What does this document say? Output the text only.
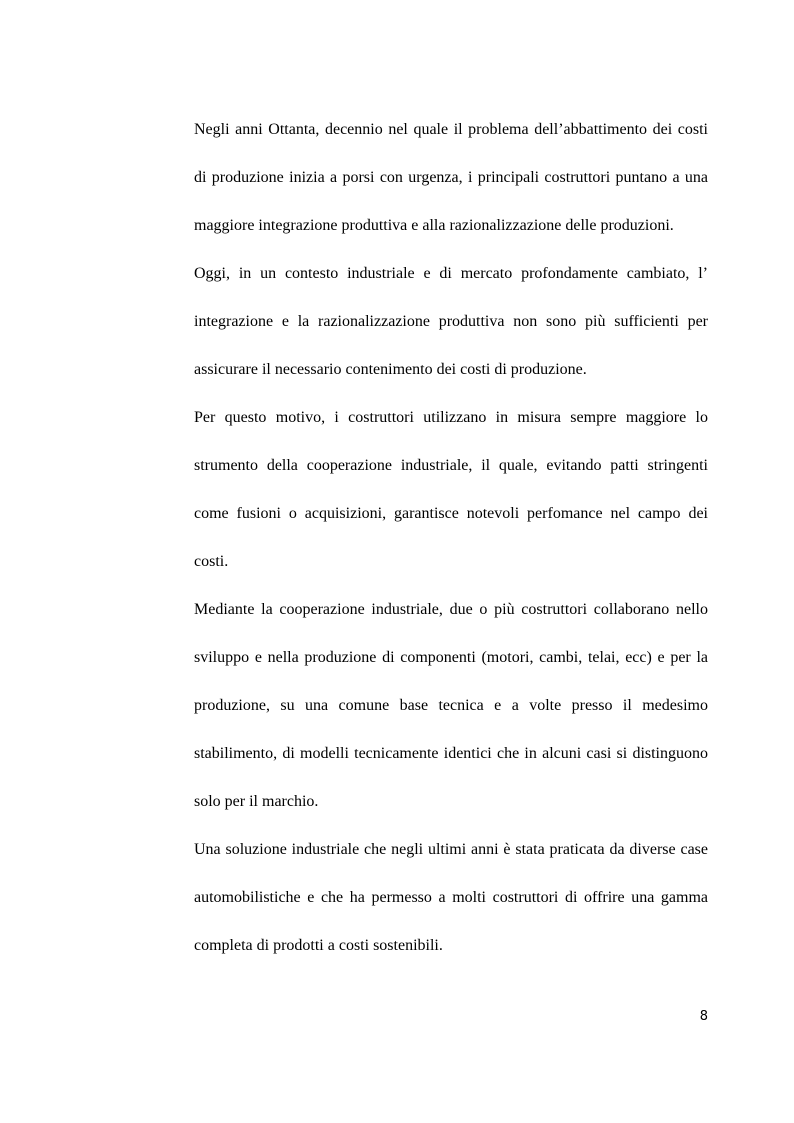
Negli anni Ottanta, decennio nel quale il problema dell’abbattimento dei costi di produzione inizia a porsi con urgenza, i principali costruttori puntano a una maggiore integrazione produttiva e alla razionalizzazione delle produzioni.

Oggi, in un contesto industriale e di mercato profondamente cambiato, l’ integrazione e la razionalizzazione produttiva non sono più sufficienti per assicurare il necessario contenimento dei costi di produzione.

Per questo motivo, i costruttori utilizzano in misura sempre maggiore lo strumento della cooperazione industriale, il quale, evitando patti stringenti come fusioni o acquisizioni, garantisce notevoli perfomance nel campo dei costi.

Mediante la cooperazione industriale, due o più costruttori collaborano nello sviluppo e nella produzione di componenti (motori, cambi, telai, ecc) e per la produzione, su una comune base tecnica e a volte presso il medesimo stabilimento, di modelli tecnicamente identici che in alcuni casi si distinguono solo per il marchio.

Una soluzione industriale che negli ultimi anni è stata praticata da diverse case automobilistiche e che ha permesso a molti costruttori di offrire una gamma completa di prodotti a costi sostenibili.

8
